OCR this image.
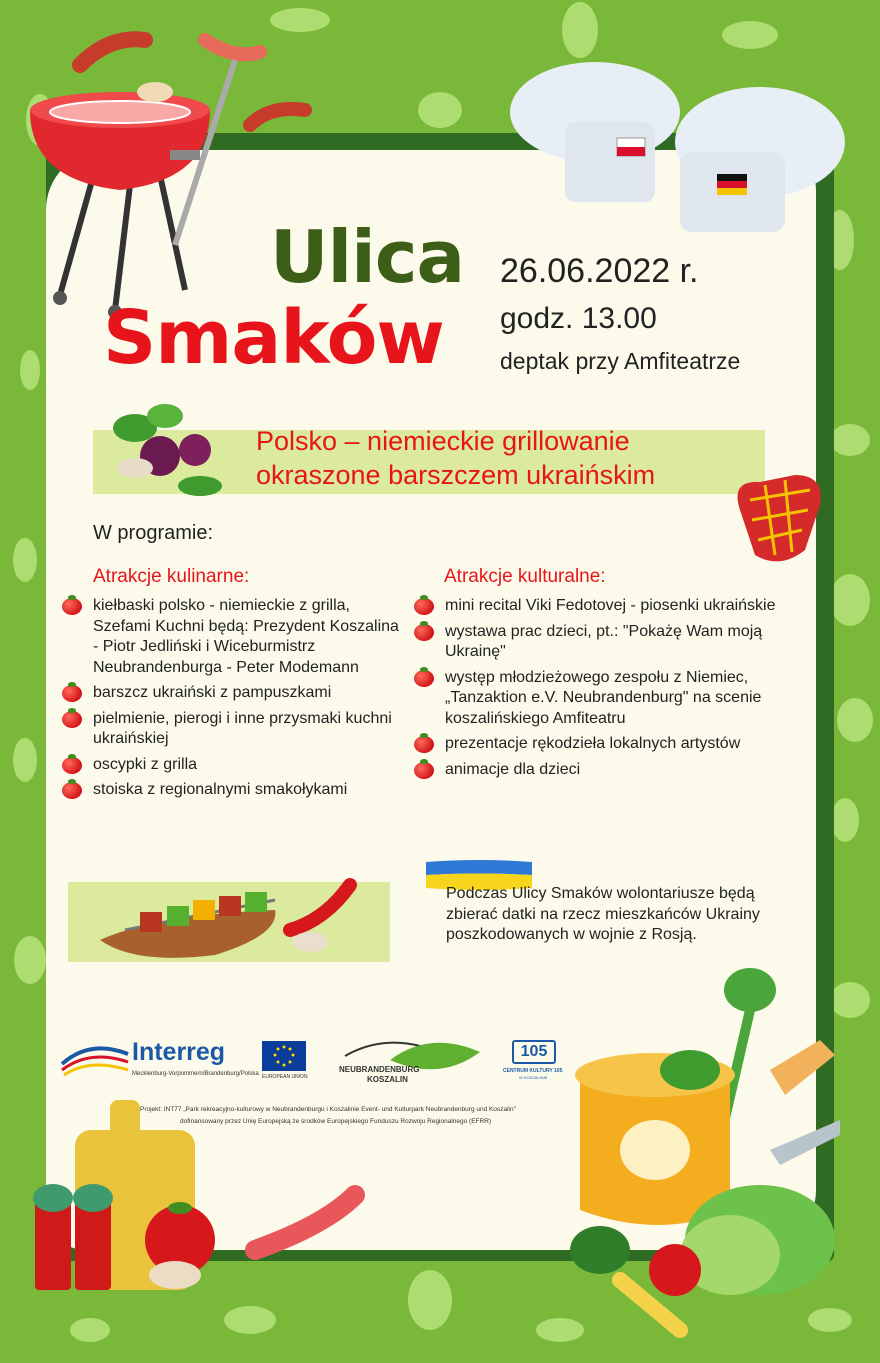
Ulica
Smaków
26.06.2022 r.
godz. 13.00
deptak przy Amfiteatrze
Polsko – niemieckie grillowanie
okraszone barszczem ukraińskim
W programie:
Atrakcje kulinarne:	Atrakcje kulturalne:
kiełbaski polsko - niemieckie z grilla, Szefami Kuchni będą: Prezydent Koszalina - Piotr Jedliński i Wiceburmistrz Neubrandenburga - Peter Modemann
barszcz ukraiński z pampuszkami
pielmienie, pierogi i inne przysmaki kuchni ukraińskiej
oscypki z grilla
stoiska z regionalnymi smakołykami
mini recital Viki Fedotovej - piosenki ukraińskie
wystawa prac dzieci, pt.: "Pokażę Wam moją Ukrainę"
występ młodzieżowego zespołu z Niemiec, „Tanzaktion e.V. Neubrandenburg" na scenie koszalińskiego Amfiteatru
prezentacje rękodzieła lokalnych artystów
animacje dla dzieci
Podczas Ulicy Smaków wolontariusze będą zbierać datki na rzecz mieszkańców Ukrainy poszkodowanych w wojnie z Rosją.
Interreg
Mecklenburg-Vorpommern/Brandenburg/Polska EUROPEAN UNION
NEUBRANDENBURG
KOSZALIN
105
CENTRUM KULTURY 105
W KOSZALINIE
Projekt: INT77 „Park rekreacyjno-kulturowy w Neubrandenburgu i Koszalinie Event- und Kulturpark Neubrandenburg und Koszalin"
dofinansowany przez Unię Europejską ze środków Europejskiego Funduszu Rozwoju Regionalnego (EFRR)
